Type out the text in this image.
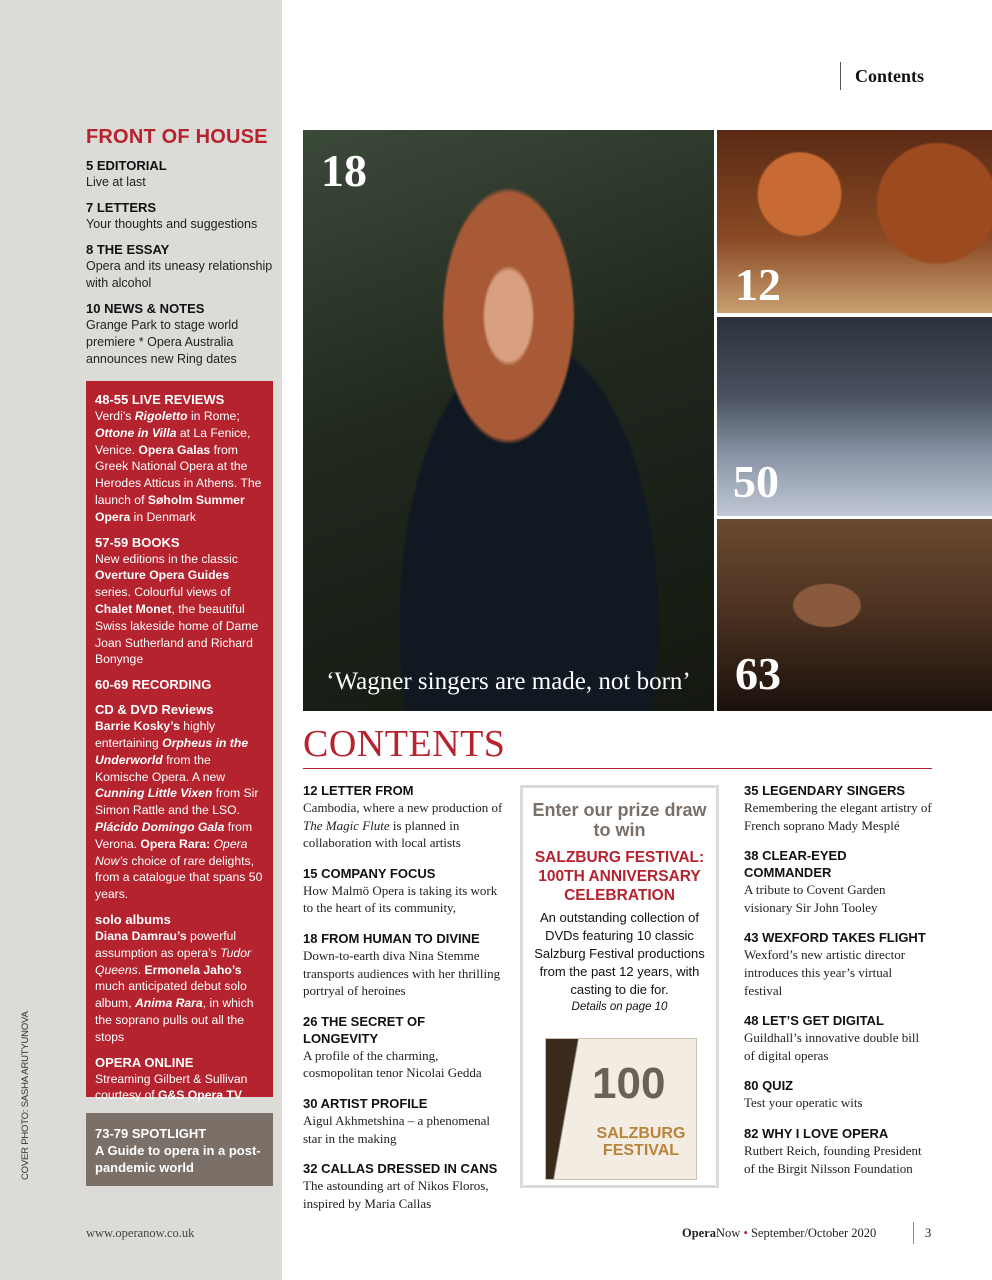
Contents
FRONT OF HOUSE
5 EDITORIAL
Live at last
7 LETTERS
Your thoughts and suggestions
8 THE ESSAY
Opera and its uneasy relationship with alcohol
10 NEWS & NOTES
Grange Park to stage world premiere * Opera Australia announces new Ring dates
48-55 LIVE REVIEWS
Verdi’s Rigoletto in Rome; Ottone in Villa at La Fenice, Venice. Opera Galas from Greek National Opera at the Herodes Atticus in Athens. The launch of Søholm Summer Opera in Denmark
57-59 BOOKS
New editions in the classic Overture Opera Guides series. Colourful views of Chalet Monet, the beautiful Swiss lakeside home of Dame Joan Sutherland and Richard Bonynge
60-69 RECORDING
CD & DVD Reviews
Barrie Kosky’s highly entertaining Orpheus in the Underworld from the Komische Opera. A new Cunning Little Vixen from Sir Simon Rattle and the LSO. Plácido Domingo Gala from Verona. Opera Rara: Opera Now’s choice of rare delights, from a catalogue that spans 50 years.
solo albums
Diana Damrau’s powerful assumption as opera’s Tudor Queens. Ermonela Jaho’s much anticipated debut solo album, Anima Rara, in which the soprano pulls out all the stops
OPERA ONLINE
Streaming Gilbert & Sullivan courtesy of G&S Opera TV
73-79 SPOTLIGHT
A Guide to opera in a post-pandemic world
COVER PHOTO: SASHA ARUTYUNOVA
18
‘Wagner singers are made, not born’
12
50
63
CONTENTS
12 LETTER FROM
Cambodia, where a new production of The Magic Flute is planned in collaboration with local artists
15 COMPANY FOCUS
How Malmö Opera is taking its work to the heart of its community,
18 FROM HUMAN TO DIVINE
Down-to-earth diva Nina Stemme transports audiences with her thrilling portryal of heroines
26 THE SECRET OF LONGEVITY
A profile of the charming, cosmopolitan tenor Nicolai Gedda
30 ARTIST PROFILE
Aigul Akhmetshina – a phenomenal star in the making
32 CALLAS DRESSED IN CANS
The astounding art of Nikos Floros, inspired by Maria Callas
Enter our prize draw to win
SALZBURG FESTIVAL: 100TH ANNIVERSARY CELEBRATION
An outstanding collection of DVDs featuring 10 classic Salzburg Festival productions from the past 12 years, with casting to die for.
Details on page 10
100
SALZBURG FESTIVAL
35 LEGENDARY SINGERS
Remembering the elegant artistry of French soprano Mady Mesplé
38 CLEAR-EYED COMMANDER
A tribute to Covent Garden visionary Sir John Tooley
43 WEXFORD TAKES FLIGHT
Wexford’s new artistic director introduces this year’s virtual festival
48 LET’S GET DIGITAL
Guildhall’s innovative double bill of digital operas
80 QUIZ
Test your operatic wits
82 WHY I LOVE OPERA
Rutbert Reich, founding President of the Birgit Nilsson Foundation
www.operanow.co.uk	OperaNow • September/October 2020	3
